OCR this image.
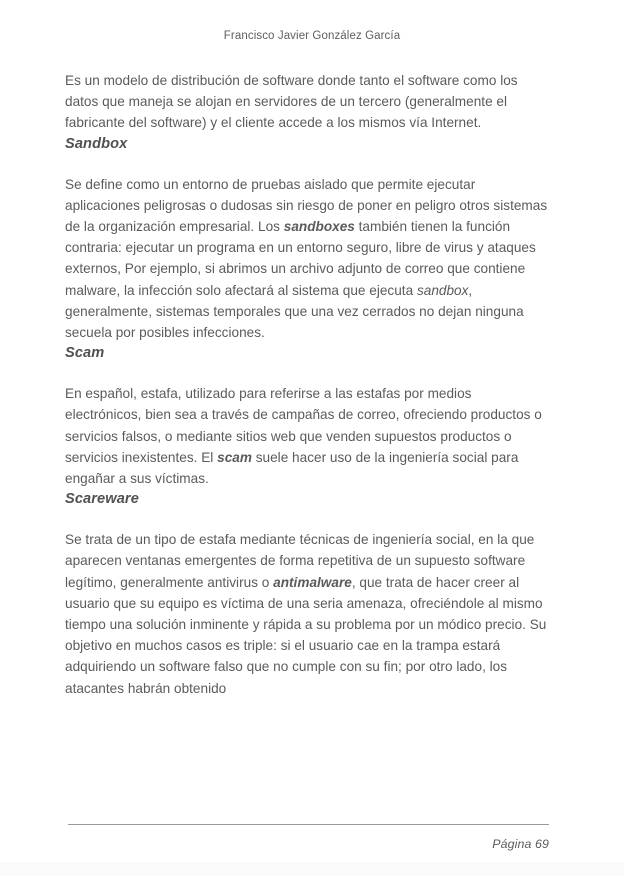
Francisco Javier González García

Es un modelo de distribución de software donde tanto el software como los datos que maneja se alojan en servidores de un tercero (generalmente el fabricante del software) y el cliente accede a los mismos vía Internet.

Sandbox

Se define como un entorno de pruebas aislado que permite ejecutar aplicaciones peligrosas o dudosas sin riesgo de poner en peligro otros sistemas de la organización empresarial. Los sandboxes también tienen la función contraria: ejecutar un programa en un entorno seguro, libre de virus y ataques externos, Por ejemplo, si abrimos un archivo adjunto de correo que contiene malware, la infección solo afectará al sistema que ejecuta sandbox, generalmente, sistemas temporales que una vez cerrados no dejan ninguna secuela por posibles infecciones.

Scam

En español, estafa, utilizado para referirse a las estafas por medios electrónicos, bien sea a través de campañas de correo, ofreciendo productos o servicios falsos, o mediante sitios web que venden supuestos productos o servicios inexistentes. El scam suele hacer uso de la ingeniería social para engañar a sus víctimas.

Scareware

Se trata de un tipo de estafa mediante técnicas de ingeniería social, en la que aparecen ventanas emergentes de forma repetitiva de un supuesto software legítimo, generalmente antivirus o antimalware, que trata de hacer creer al usuario que su equipo es víctima de una seria amenaza, ofreciéndole al mismo tiempo una solución inminente y rápida a su problema por un módico precio. Su objetivo en muchos casos es triple: si el usuario cae en la trampa estará adquiriendo un software falso que no cumple con su fin; por otro lado, los atacantes habrán obtenido

Página 69
